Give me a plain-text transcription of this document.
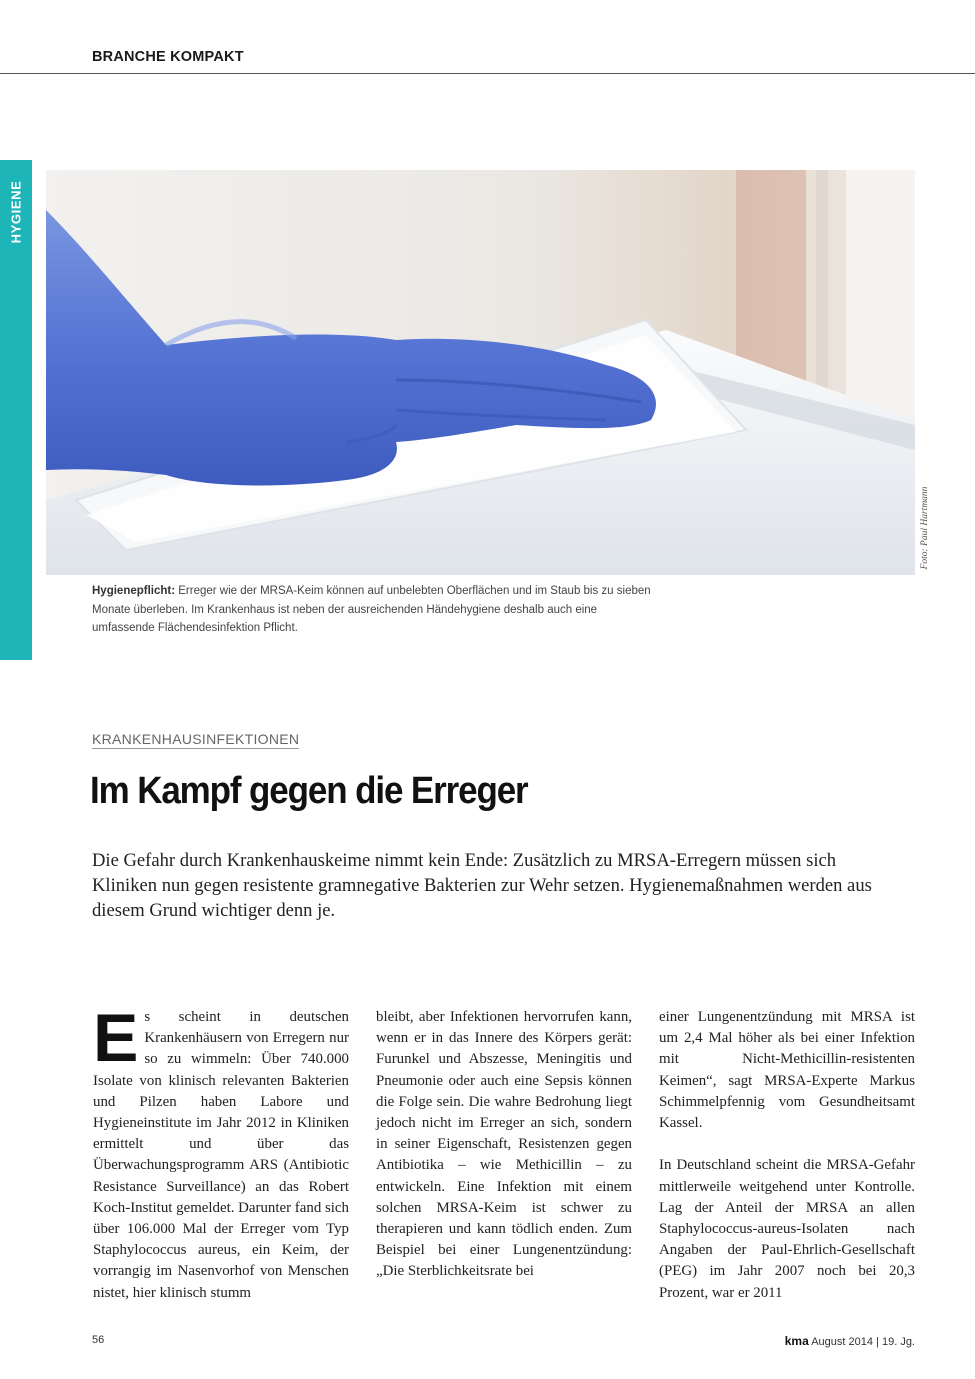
BRANCHE KOMPAKT
HYGIENE
Foto: Paul Hartmann
Hygienepflicht: Erreger wie der MRSA-Keim können auf unbelebten Oberflächen und im Staub bis zu sieben Monate überleben. Im Krankenhaus ist neben der ausreichenden Händehygiene deshalb auch eine umfassende Flächendesinfektion Pflicht.
KRANKENHAUSINFEKTIONEN
Im Kampf gegen die Erreger

Die Gefahr durch Krankenhauskeime nimmt kein Ende: Zusätzlich zu MRSA-Erregern müssen sich Kliniken nun gegen resistente gramnegative Bakterien zur Wehr setzen. Hygienemaßnahmen werden aus diesem Grund wichtiger denn je.

Es scheint in deutschen Krankenhäusern von Erregern nur so zu wimmeln: Über 740.000 Isolate von klinisch relevanten Bakterien und Pilzen haben Labore und Hygieneinstitute im Jahr 2012 in Kliniken ermittelt und über das Überwachungsprogramm ARS (Antibiotic Resistance Surveillance) an das Robert Koch-Institut gemeldet. Darunter fand sich über 106.000 Mal der Erreger vom Typ Staphylococcus aureus, ein Keim, der vorrangig im Nasenvorhof von Menschen nistet, hier klinisch stumm

bleibt, aber Infektionen hervorrufen kann, wenn er in das Innere des Körpers gerät: Furunkel und Abszesse, Meningitis und Pneumonie oder auch eine Sepsis können die Folge sein. Die wahre Bedrohung liegt jedoch nicht im Erreger an sich, sondern in seiner Eigenschaft, Resistenzen gegen Antibiotika – wie Methicillin – zu entwickeln. Eine Infektion mit einem solchen MRSA-Keim ist schwer zu therapieren und kann tödlich enden. Zum Beispiel bei einer Lungenentzündung: „Die Sterblichkeitsrate bei

einer Lungenentzündung mit MRSA ist um 2,4 Mal höher als bei einer Infektion mit Nicht-Methicillin-resistenten Keimen“, sagt MRSA-Experte Markus Schimmelpfennig vom Gesundheitsamt Kassel.

In Deutschland scheint die MRSA-Gefahr mittlerweile weitgehend unter Kontrolle. Lag der Anteil der MRSA an allen Staphylococcus-aureus-Isolaten nach Angaben der Paul-Ehrlich-Gesellschaft (PEG) im Jahr 2007 noch bei 20,3 Prozent, war er 2011

56	kma August 2014 | 19. Jg.
